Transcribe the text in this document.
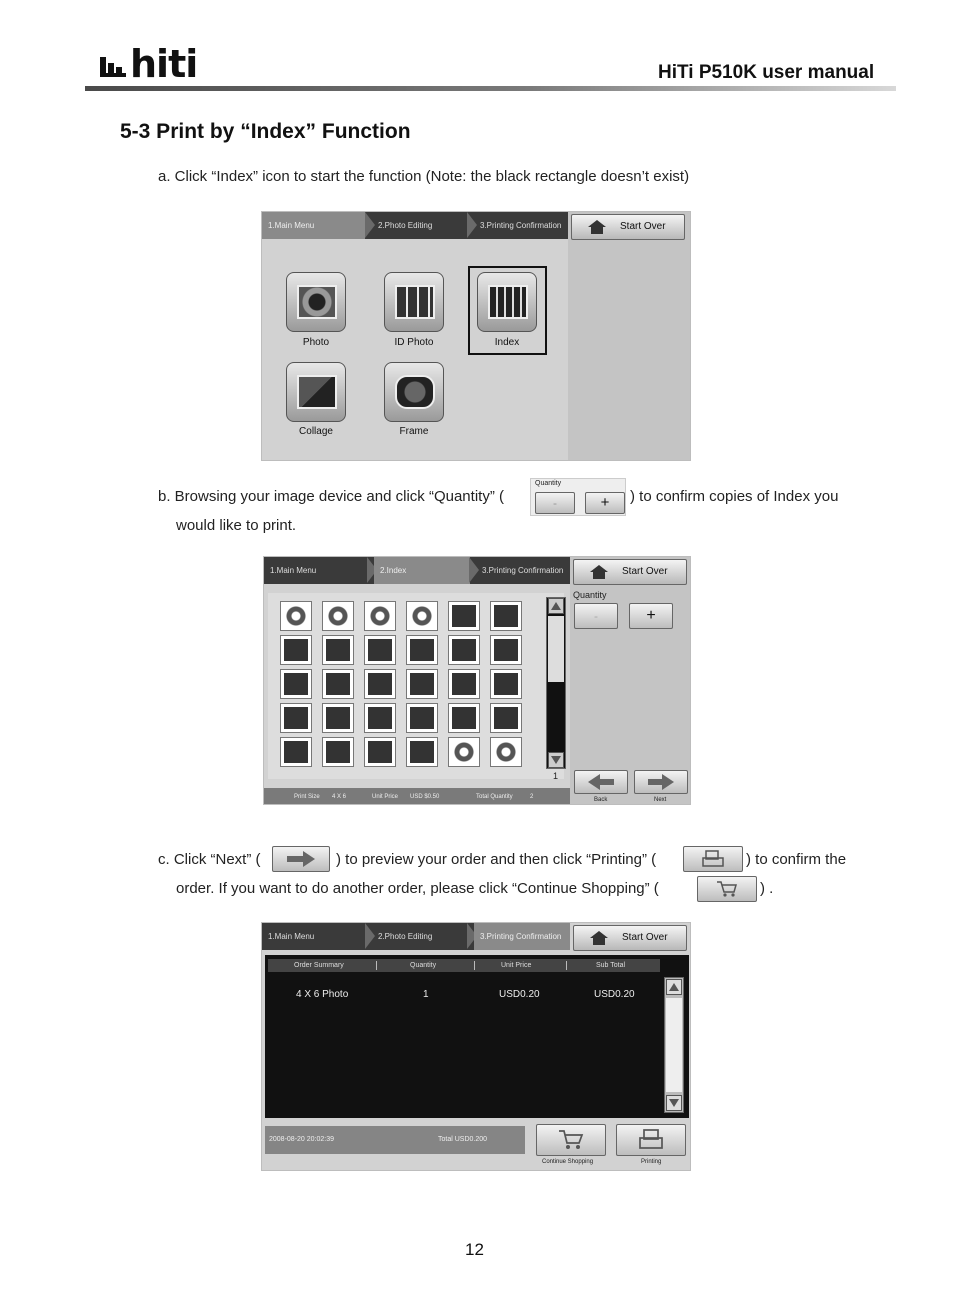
hiti	HiTi P510K user manual
5-3 Print by “Index” Function
a. Click “Index” icon to start the function (Note: the black rectangle doesn’t exist)
1.Main Menu	2.Photo Editing	3.Printing Confirmation	Start Over
Photo	ID Photo	Index
Collage	Frame
b. Browsing your image device and click “Quantity” (
Quantity
-	+	) to confirm copies of Index you
would like to print.
1.Main Menu	2.Index	3.Printing Confirmation	Start Over
Quantity
-	+
1
Back	Next
Print Size 4 X 6	Unit Price USD $0.50	Total Quantity	2
c. Click “Next” (	) to preview your order and then click “Printing” (	) to confirm the
order. If you want to do another order, please click “Continue Shopping” (	) .
1.Main Menu	2.Photo Editing	3.Printing Confirmation	Start Over
Order Summary	Quantity	Unit Price	Sub Total
4 X 6 Photo	1	USD0.20	USD0.20
2008-08-20 20:02:39	Total USD0.200
Continue Shopping	Printing
12
